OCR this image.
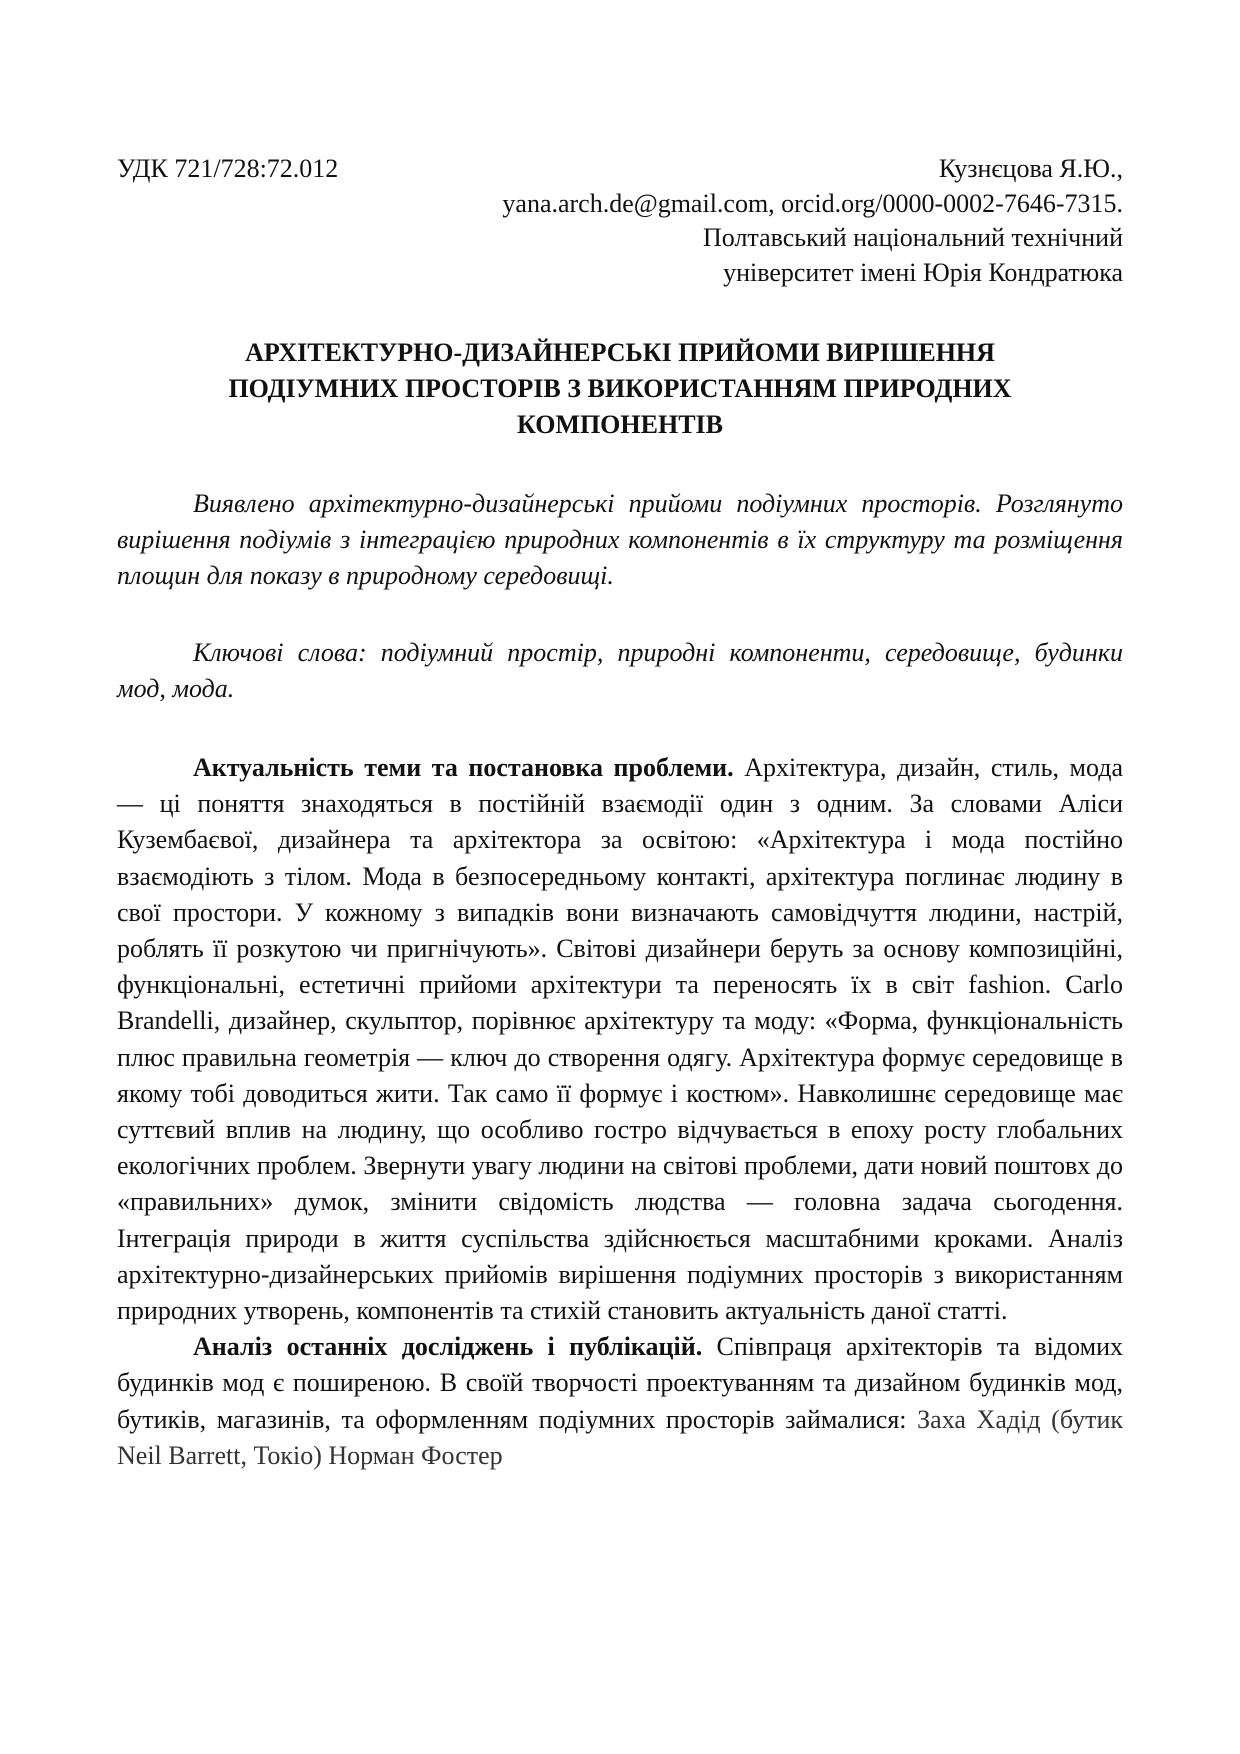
УДК 721/728:72.012	Кузнєцова Я.Ю.,
yana.arch.de@gmail.com, orcid.org/0000-0002-7646-7315.
Полтавський національний технічний
університет імені Юрія Кондратюка
АРХІТЕКТУРНО-ДИЗАЙНЕРСЬКІ ПРИЙОМИ ВИРІШЕННЯ
ПОДІУМНИХ ПРОСТОРІВ З ВИКОРИСТАННЯМ ПРИРОДНИХ
КОМПОНЕНТІВ
Виявлено архітектурно-дизайнерські прийоми подіумних просторів. Розглянуто вирішення подіумів з інтеграцією природних компонентів в їх структуру та розміщення площин для показу в природному середовищі.
Ключові слова: подіумний простір, природні компоненти, середовище, будинки мод, мода.

Актуальність теми та постановка проблеми. Архітектура, дизайн, стиль, мода — ці поняття знаходяться в постійній взаємодії один з одним. За словами Аліси Кузембаєвої, дизайнера та архітектора за освітою: «Архітектура і мода постійно взаємодіють з тілом. Мода в безпосередньому контакті, архітектура поглинає людину в свої простори. У кожному з випадків вони визначають самовідчуття людини, настрій, роблять її розкутою чи пригнічують». Світові дизайнери беруть за основу композиційні, функціональні, естетичні прийоми архітектури та переносять їх в світ fashion. Carlo Brandelli, дизайнер, скульптор, порівнює архітектуру та моду: «Форма, функціональність плюс правильна геометрія — ключ до створення одягу. Архітектура формує середовище в якому тобі доводиться жити. Так само її формує і костюм». Навколишнє середовище має суттєвий вплив на людину, що особливо гостро відчувається в епоху росту глобальних екологічних проблем. Звернути увагу людини на світові проблеми, дати новий поштовх до «правильних» думок, змінити свідомість людства — головна задача сьогодення. Інтеграція природи в життя суспільства здійснюється масштабними кроками. Аналіз архітектурно-дизайнерських прийомів вирішення подіумних просторів з використанням природних утворень, компонентів та стихій становить актуальність даної статті.

Аналіз останніх досліджень і публікацій. Співпраця архітекторів та відомих будинків мод є поширеною. В своїй творчості проектуванням та дизайном будинків мод, бутиків, магазинів, та оформленням подіумних просторів займалися: Заха Хадід (бутик Neil Barrett, Токіо) Норман Фостер
